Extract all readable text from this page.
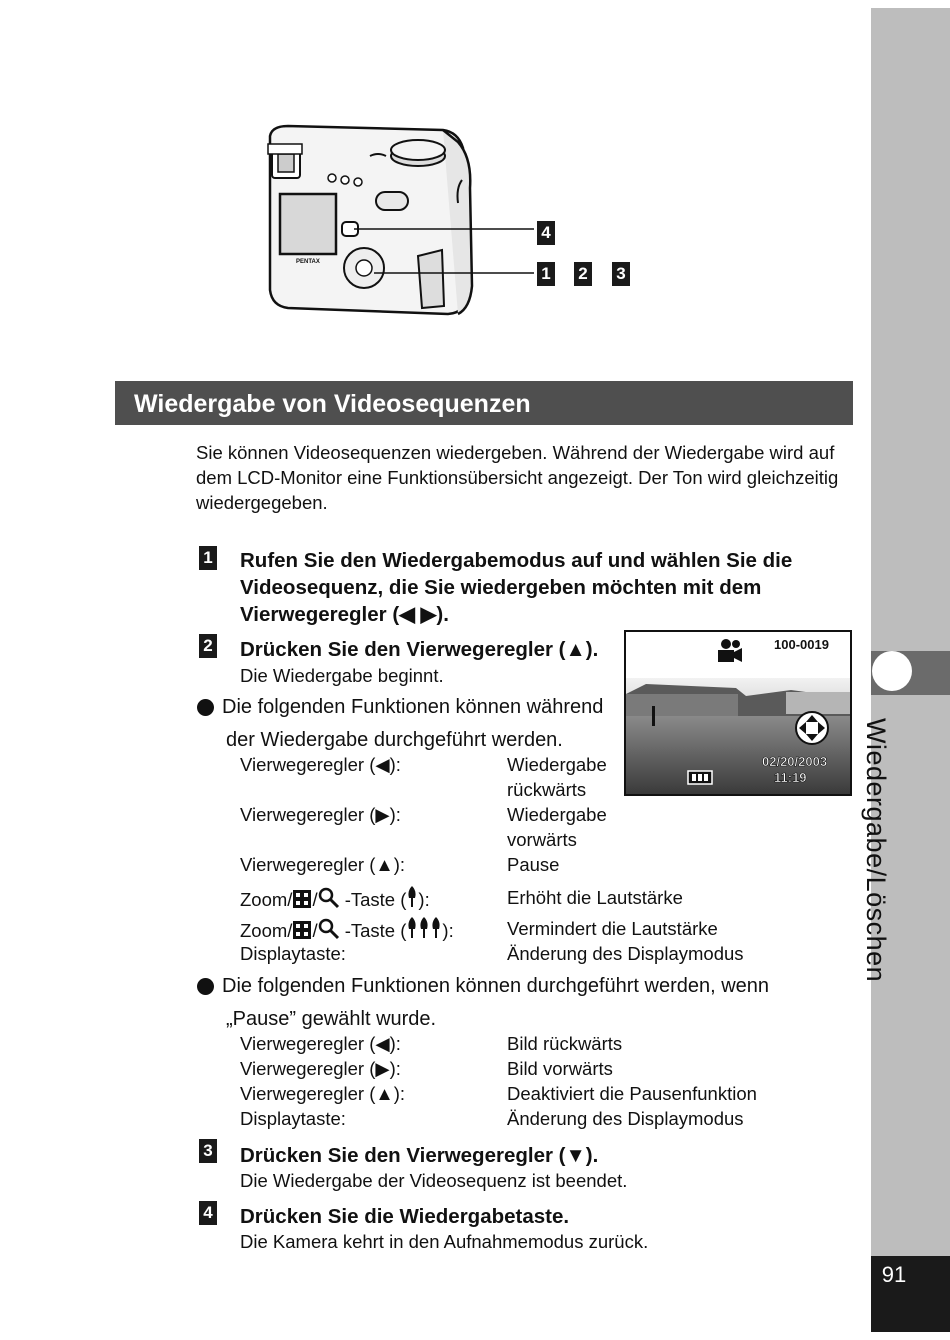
Wiedergabe/Löschen
91
PENTAX
4
1 2 3
Wiedergabe von Videosequenzen
Sie können Videosequenzen wiedergeben. Während der Wiedergabe wird auf dem LCD-Monitor eine Funktionsübersicht angezeigt. Der Ton wird gleichzeitig wiedergegeben.
1 Rufen Sie den Wiedergabemodus auf und wählen Sie die
Videosequenz, die Sie wiedergeben möchten mit dem
Vierwegeregler (◀ ▶).
2 Drücken Sie den Vierwegeregler (▲).
Die Wiedergabe beginnt.
100-0019
02/20/2003
11:19
Die folgenden Funktionen können während
der Wiedergabe durchgeführt werden.
Vierwegeregler (◀):	Wiedergabe
rückwärts
Vierwegeregler (▶):	Wiedergabe
vorwärts
Vierwegeregler (▲):	Pause
Zoom/ / -Taste ( ):	Erhöht die Lautstärke
Zoom/ / -Taste ( ):	Vermindert die Lautstärke
Displaytaste:	Änderung des Displaymodus
Die folgenden Funktionen können durchgeführt werden, wenn
„Pause” gewählt wurde.
Vierwegeregler (◀):	Bild rückwärts
Vierwegeregler (▶):	Bild vorwärts
Vierwegeregler (▲):	Deaktiviert die Pausenfunktion
Displaytaste:	Änderung des Displaymodus
3 Drücken Sie den Vierwegeregler (▼).
Die Wiedergabe der Videosequenz ist beendet.
4 Drücken Sie die Wiedergabetaste.
Die Kamera kehrt in den Aufnahmemodus zurück.
